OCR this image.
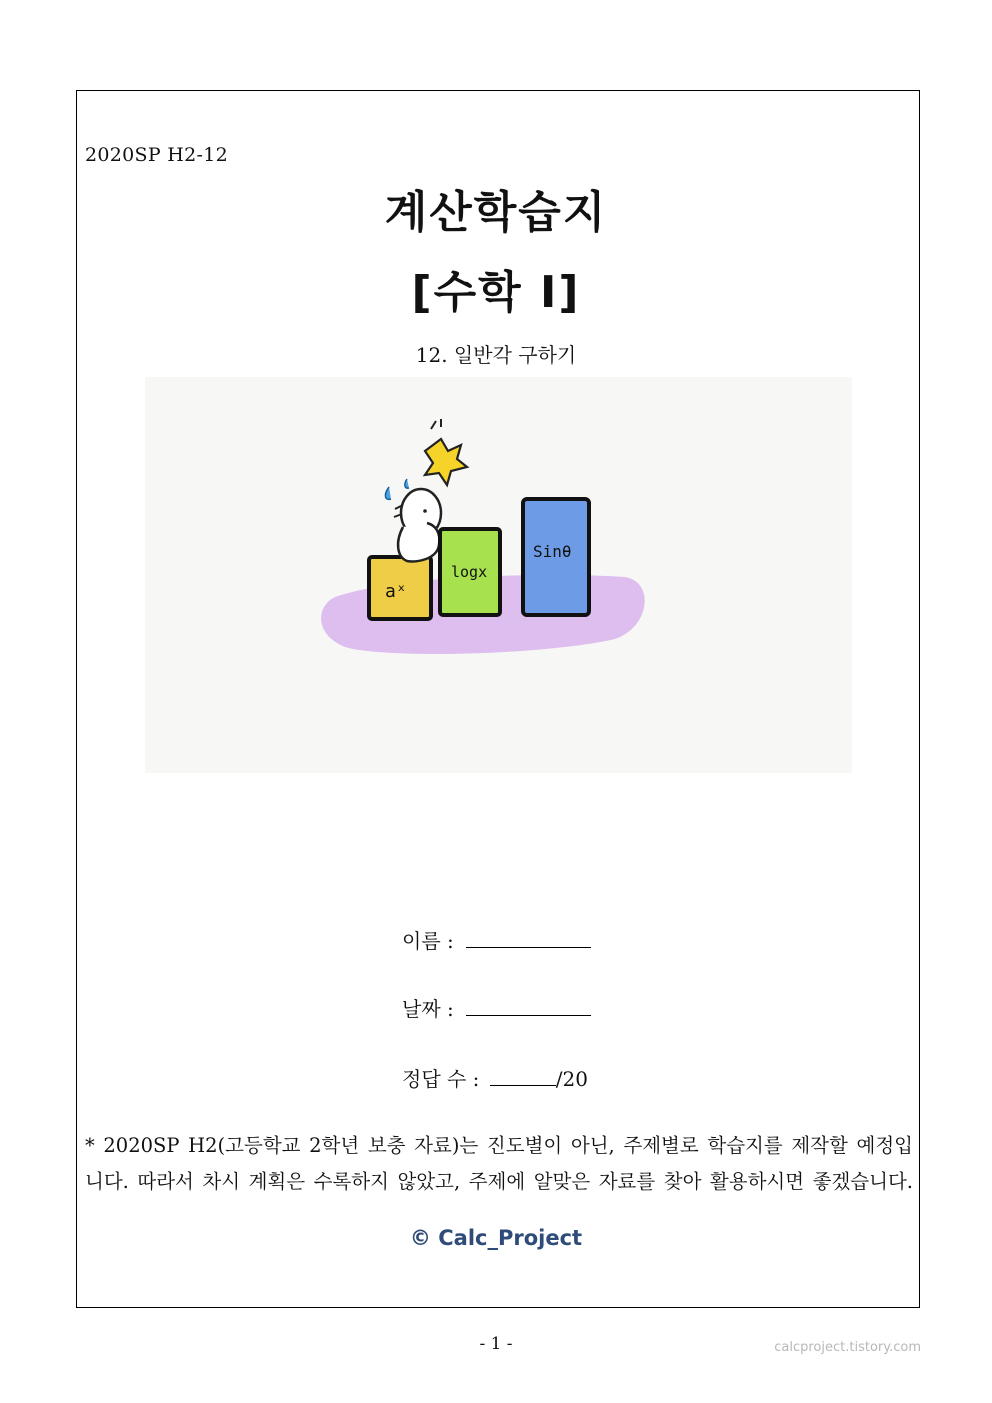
2020SP H2-12
계산학습지
[수학 I]
12. 일반각 구하기
aˣ
logx
Sinθ
이름 :
날짜 :
정답 수 :	/20
* 2020SP H2(고등학교 2학년 보충 자료)는 진도별이 아닌, 주제별로 학습지를 제작할 예정입
니다. 따라서 차시 계획은 수록하지 않았고, 주제에 알맞은 자료를 찾아 활용하시면 좋겠습니다.
© Calc_Project
- 1 -	calcproject.tistory.com
